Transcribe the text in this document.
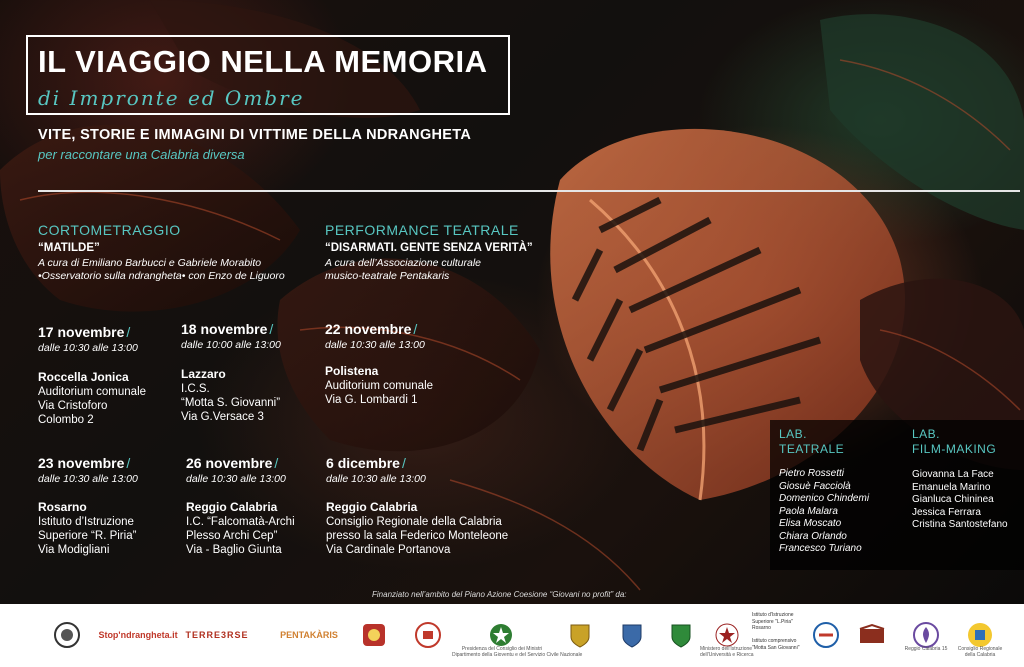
IL VIAGGIO NELLA MEMORIA
di Impronte ed Ombre
VITE, STORIE E IMMAGINI DI VITTIME DELLA NDRANGHETA
per raccontare una Calabria diversa
CORTOMETRAGGIO
“MATILDE”
A cura di Emiliano Barbucci e Gabriele Morabito
•Osservatorio sulla ndrangheta• con Enzo de Liguoro
PERFORMANCE TEATRALE
“DISARMATI. GENTE SENZA VERITÀ”
A cura dell’Associazione culturale
musico-teatrale Pentakaris
17 novembre /
dalle 10:30 alle 13:00
Roccella Jonica
Auditorium comunale
Via Cristoforo
Colombo 2
18 novembre /
dalle 10:00 alle 13:00
Lazzaro
I.C.S.
“Motta S. Giovanni”
Via G.Versace 3
22 novembre /
dalle 10:30 alle 13:00
Polistena
Auditorium comunale
Via G. Lombardi 1
23 novembre /
dalle 10:30 alle 13:00
Rosarno
Istituto d’Istruzione
Superiore “R. Piria”
Via Modigliani
26 novembre /
dalle 10:30 alle 13:00
Reggio Calabria
I.C. “Falcomatà-Archi
Plesso Archi Cep”
Via - Baglio Giunta
6 dicembre /
dalle 10:30 alle 13:00
Reggio Calabria
Consiglio Regionale della Calabria
presso la sala Federico Monteleone
Via Cardinale Portanova
LAB.
TEATRALE
Pietro Rossetti
Giosuè Facciolà
Domenico Chindemi
Paola Malara
Elisa Moscato
Chiara Orlando
Francesco Turiano
LAB.
FILM-MAKING
Giovanna La Face
Emanuela Marino
Gianluca Chininea
Jessica Ferrara
Cristina Santostefano
Finanziato nell’ambito del Piano Azione Coesione “Giovani no profit” da:
Stop'ndrangheta.it TERRE3RSE	PENTAKÀRIS
Presidenza del Consiglio dei Ministri
Dipartimento della Gioventu e del Servizio Civile Nazionale
Ministero dell'Istruzione
dell'Università e Ricerca
Istituto d'Istruzione
Superiore "L.Piria" Rosarno

Istituto comprensivo
"Motta San Giovanni"	Reggio Calabria 15	Consiglio Regionale
della Calabria
